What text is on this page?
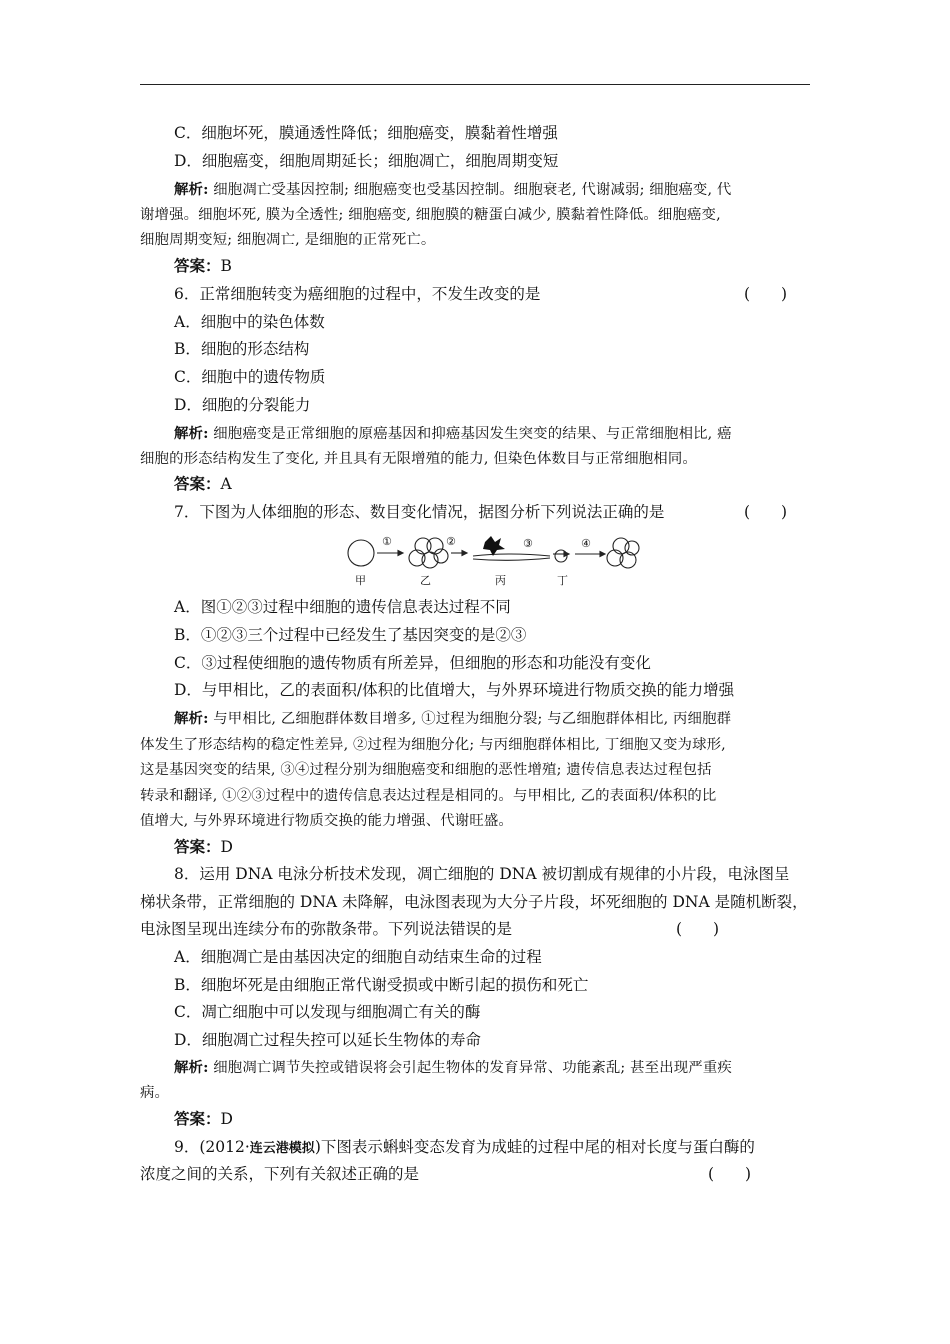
C．细胞坏死，膜通透性降低；细胞癌变，膜黏着性增强
D．细胞癌变，细胞周期延长；细胞凋亡，细胞周期变短
解析: 细胞凋亡受基因控制; 细胞癌变也受基因控制。细胞衰老, 代谢减弱; 细胞癌变, 代
谢增强。细胞坏死, 膜为全透性; 细胞癌变, 细胞膜的糖蛋白减少, 膜黏着性降低。细胞癌变,
细胞周期变短; 细胞凋亡, 是细胞的正常死亡。
答案：B
6．正常细胞转变为癌细胞的过程中，不发生改变的是	(　　)
A．细胞中的染色体数
B．细胞的形态结构
C．细胞中的遗传物质
D．细胞的分裂能力
解析: 细胞癌变是正常细胞的原癌基因和抑癌基因发生突变的结果、与正常细胞相比, 癌
细胞的形态结构发生了变化, 并且具有无限增殖的能力, 但染色体数目与正常细胞相同。
答案：A
7．下图为人体细胞的形态、数目变化情况，据图分析下列说法正确的是	(　　)
①	②	③	④
甲	乙	丙	丁
A．图①②③过程中细胞的遗传信息表达过程不同
B．①②③三个过程中已经发生了基因突变的是②③
C．③过程使细胞的遗传物质有所差异，但细胞的形态和功能没有变化
D．与甲相比，乙的表面积/体积的比值增大，与外界环境进行物质交换的能力增强
解析: 与甲相比, 乙细胞群体数目增多, ①过程为细胞分裂; 与乙细胞群体相比, 丙细胞群
体发生了形态结构的稳定性差异, ②过程为细胞分化; 与丙细胞群体相比, 丁细胞又变为球形,
这是基因突变的结果, ③④过程分别为细胞癌变和细胞的恶性增殖; 遗传信息表达过程包括
转录和翻译, ①②③过程中的遗传信息表达过程是相同的。与甲相比, 乙的表面积/体积的比
值增大, 与外界环境进行物质交换的能力增强、代谢旺盛。
答案：D
8．运用 DNA 电泳分析技术发现，凋亡细胞的 DNA 被切割成有规律的小片段，电泳图呈
梯状条带，正常细胞的 DNA 未降解，电泳图表现为大分子片段，坏死细胞的 DNA 是随机断裂，
电泳图呈现出连续分布的弥散条带。下列说法错误的是	(　　)
A．细胞凋亡是由基因决定的细胞自动结束生命的过程
B．细胞坏死是由细胞正常代谢受损或中断引起的损伤和死亡
C．凋亡细胞中可以发现与细胞凋亡有关的酶
D．细胞凋亡过程失控可以延长生物体的寿命
解析: 细胞凋亡调节失控或错误将会引起生物体的发育异常、功能紊乱; 甚至出现严重疾
病。
答案：D
9．(2012·连云港模拟)下图表示蝌蚪变态发育为成蛙的过程中尾的相对长度与蛋白酶的
浓度之间的关系，下列有关叙述正确的是	(　　)
